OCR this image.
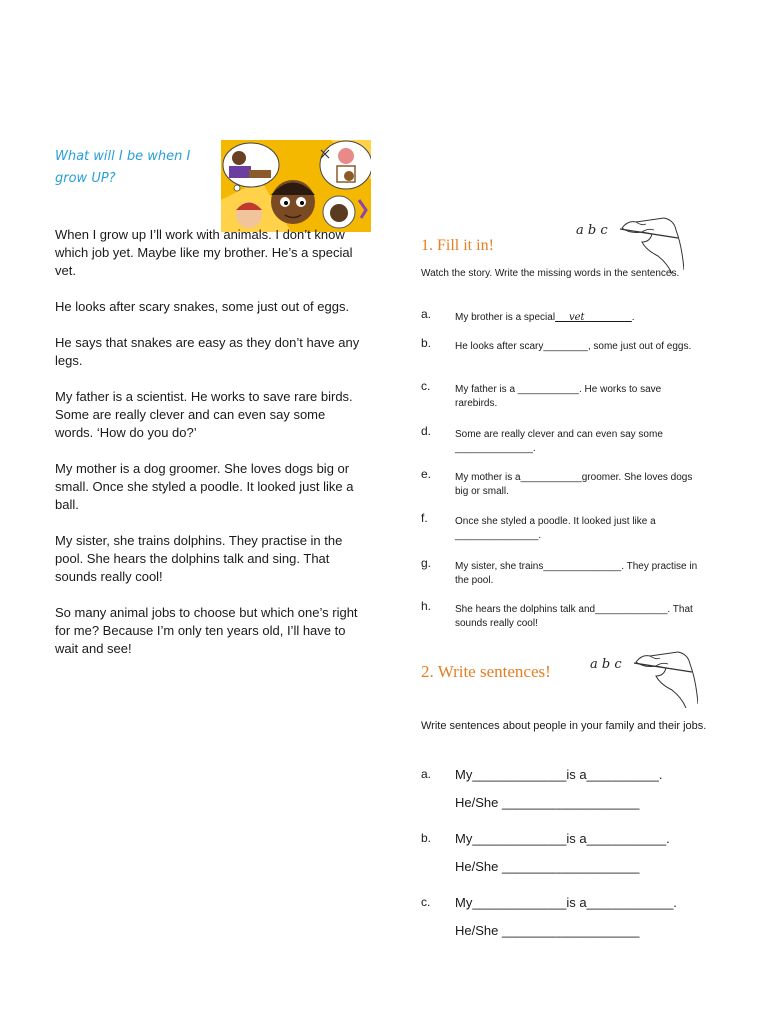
What will I be when I grow UP?

When I grow up I’ll work with animals. I don’t know which job yet. Maybe like my brother. He’s a special vet.

He looks after scary snakes, some just out of eggs.

He says that snakes are easy as they don’t have any legs.

My father is a scientist. He works to save rare birds. Some are really clever and can even say some words. ‘How do you do?’

My mother is a dog groomer. She loves dogs big or small. Once she styled a poodle. It looked just like a ball.

My sister, she trains dolphins. They practise in the pool. She hears the dolphins talk and sing. That sounds really cool!

So many animal jobs to choose but which one’s right for me? Because I’m only ten years old, I’ll have to wait and see!

1. Fill it in!
a b c
Watch the story. Write the missing words in the sentences.
a. My brother is a special vet	.
b. He looks after scary________, some just out of eggs.
c. My father is a ___________. He works to save rarebirds.
d. Some are really clever and can even say some ______________.
e. My mother is a___________groomer. She loves dogs big or small.
f.	Once she styled a poodle. It looked just like a _______________.
g. My sister, she trains______________. They practise in the pool.
h. She hears the dolphins talk and_____________. That sounds really cool!
2. Write sentences!	a b c
Write sentences about people in your family and their jobs.
a. My_____________is a__________.
He/She ___________________
b. My_____________is a___________.
He/She ___________________
c. My_____________is a____________.
He/She ___________________
